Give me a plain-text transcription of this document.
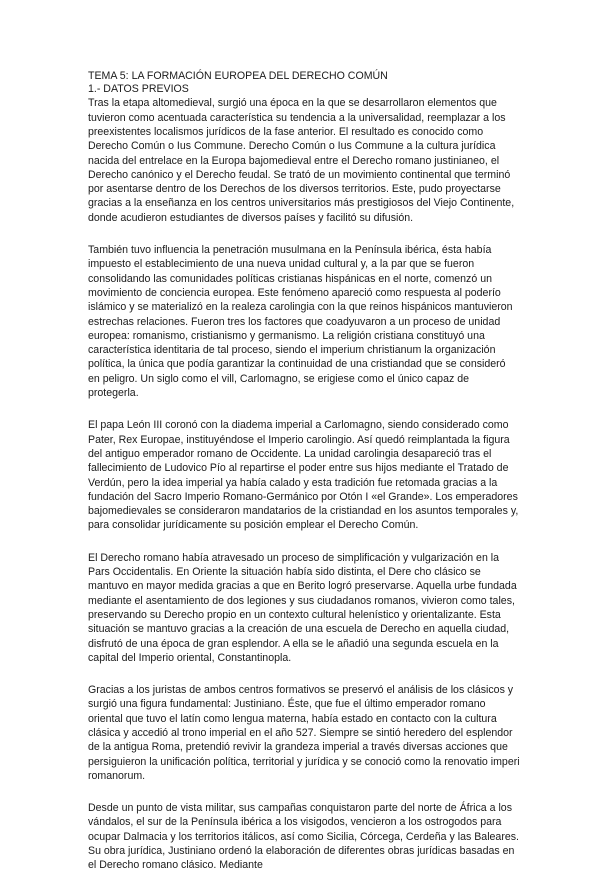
TEMA 5: LA FORMACIÓN EUROPEA DEL DERECHO COMÚN
1.- DATOS PREVIOS

Tras la etapa altomedieval, surgió una época en la que se desarrollaron elementos que tuvieron como acentuada característica su tendencia a la universalidad, reemplazar a los preexistentes localismos jurídicos de la fase anterior. El resultado es conocido como Derecho Común o Ius Commune. Derecho Común o Ius Commune a la cultura jurídica nacida del entrelace en la Europa bajomedieval entre el Derecho romano justinianeo, el Derecho canónico y el Derecho feudal. Se trató de un movimiento continental que terminó por asentarse dentro de los Derechos de los diversos territorios. Este, pudo proyectarse gracias a la enseñanza en los centros universitarios más prestigiosos del Viejo Continente, donde acudieron estudiantes de diversos países y facilitó su difusión.

También tuvo influencia la penetración musulmana en la Península ibérica, ésta había impuesto el establecimiento de una nueva unidad cultural y, a la par que se fueron consolidando las comunidades políticas cristianas hispánicas en el norte, comenzó un movimiento de conciencia europea. Este fenómeno apareció como respuesta al poderío islámico y se materializó en la realeza carolingia con la que reinos hispánicos mantuvieron estrechas relaciones. Fueron tres los factores que coadyuvaron a un proceso de unidad europea: romanismo, cristianismo y germanismo. La religión cristiana constituyó una característica identitaria de tal proceso, siendo el imperium christianum la organización política, la única que podía garantizar la continuidad de una cristiandad que se consideró en peligro. Un siglo como el vill, Carlomagno, se erigiese como el único capaz de protegerla.

El papa León III coronó con la diadema imperial a Carlomagno, siendo considerado como Pater, Rex Europae, instituyéndose el Imperio carolingio. Así quedó reimplantada la figura del antiguo emperador romano de Occidente. La unidad carolingia desapareció tras el fallecimiento de Ludovico Pío al repartirse el poder entre sus hijos mediante el Tratado de Verdún, pero la idea imperial ya había calado y esta tradición fue retomada gracias a la fundación del Sacro Imperio Romano-Germánico por Otón I «el Grande». Los emperadores bajomedievales se consideraron mandatarios de la cristiandad en los asuntos temporales y, para consolidar jurídicamente su posición emplear el Derecho Común.

El Derecho romano había atravesado un proceso de simplificación y vulgarización en la Pars Occidentalis. En Oriente la situación había sido distinta, el Dere cho clásico se mantuvo en mayor medida gracias a que en Berito logró preservarse. Aquella urbe fundada mediante el asentamiento de dos legiones y sus ciudadanos romanos, vivieron como tales, preservando su Derecho propio en un contexto cultural helenístico y orientalizante. Esta situación se mantuvo gracias a la creación de una escuela de Derecho en aquella ciudad, disfrutó de una época de gran esplendor. A ella se le añadió una segunda escuela en la capital del Imperio oriental, Constantinopla.

Gracias a los juristas de ambos centros formativos se preservó el análisis de los clásicos y surgió una figura fundamental: Justiniano. Éste, que fue el último emperador romano oriental que tuvo el latín como lengua materna, había estado en contacto con la cultura clásica y accedió al trono imperial en el año 527. Siempre se sintió heredero del esplendor de la antigua Roma, pretendió revivir la grandeza imperial a través diversas acciones que persiguieron la unificación política, territorial y jurídica y se conoció como la renovatio imperi romanorum.

Desde un punto de vista militar, sus campañas conquistaron parte del norte de África a los vándalos, el sur de la Península ibérica a los visigodos, vencieron a los ostrogodos para ocupar Dalmacia y los territorios itálicos, así como Sicilia, Córcega, Cerdeña y las Baleares. Su obra jurídica, Justiniano ordenó la elaboración de diferentes obras jurídicas basadas en el Derecho romano clásico. Mediante
